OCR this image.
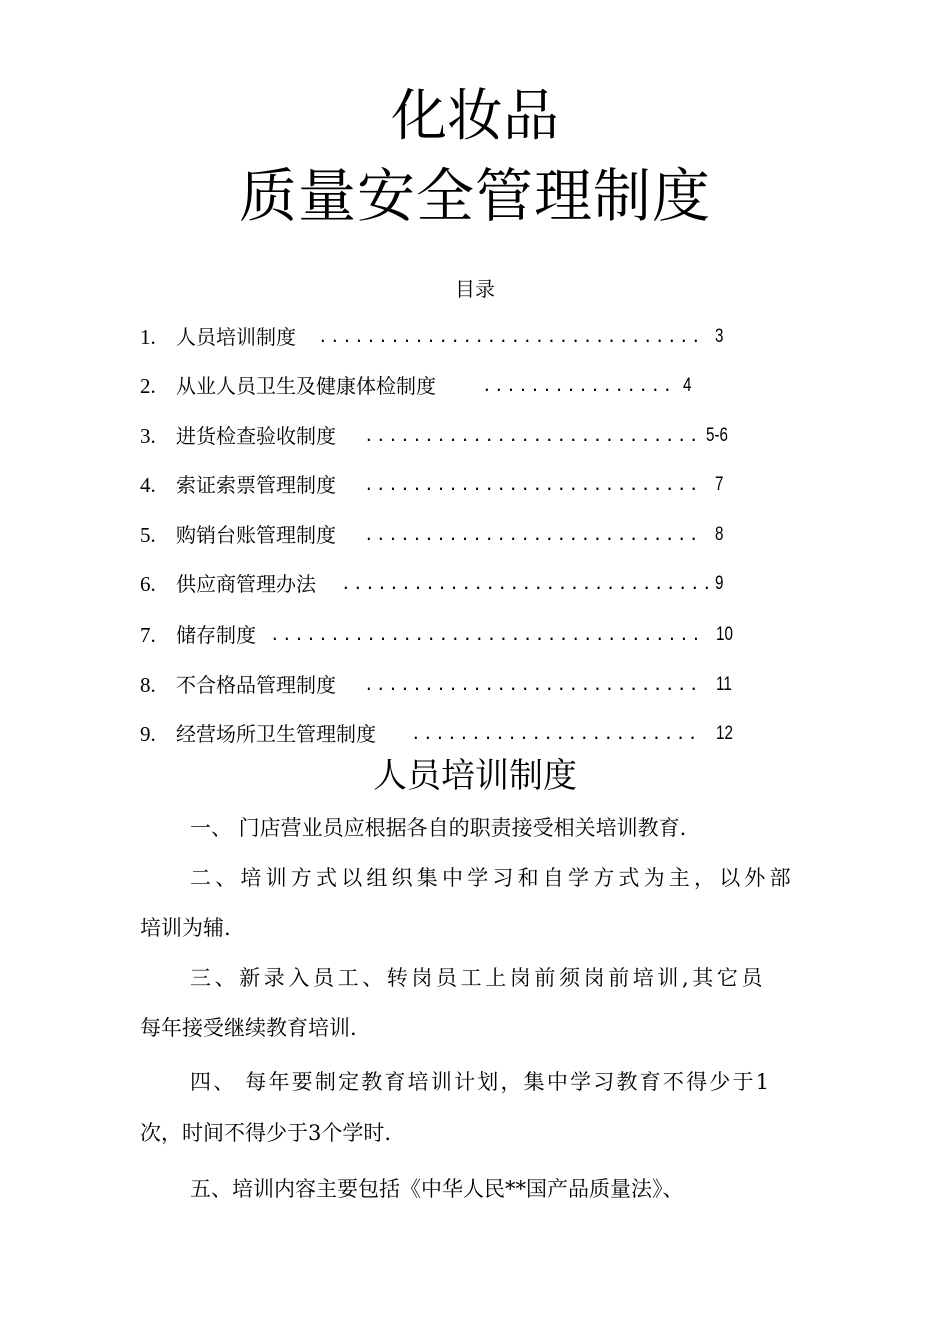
化妆品
质量安全管理制度
目录
1. 人员培训制度 ................................ 3
2. 从业人员卫生及健康体检制度	................ 4
3. 进货检查验收制度 ............................ 5-6
4. 索证索票管理制度 ............................ 7
5. 购销台账管理制度 ............................ 8
6. 供应商管理办法 ............................... 9
7. 储存制度 .................................... 10
8. 不合格品管理制度 ............................ 11
9. 经营场所卫生管理制度 ........................ 12
人员培训制度

一、 门店营业员应根据各自的职责接受相关培训教育.

二、培训方式以组织集中学习和自学方式为主，以外部

培训为辅.

三、新录入员工、转岗员工上岗前须岗前培训,其它员

每年接受继续教育培训.

四、 每年要制定教育培训计划，集中学习教育不得少于1

次，时间不得少于3个学时.

五、培训内容主要包括《中华人民**国产品质量法》、
